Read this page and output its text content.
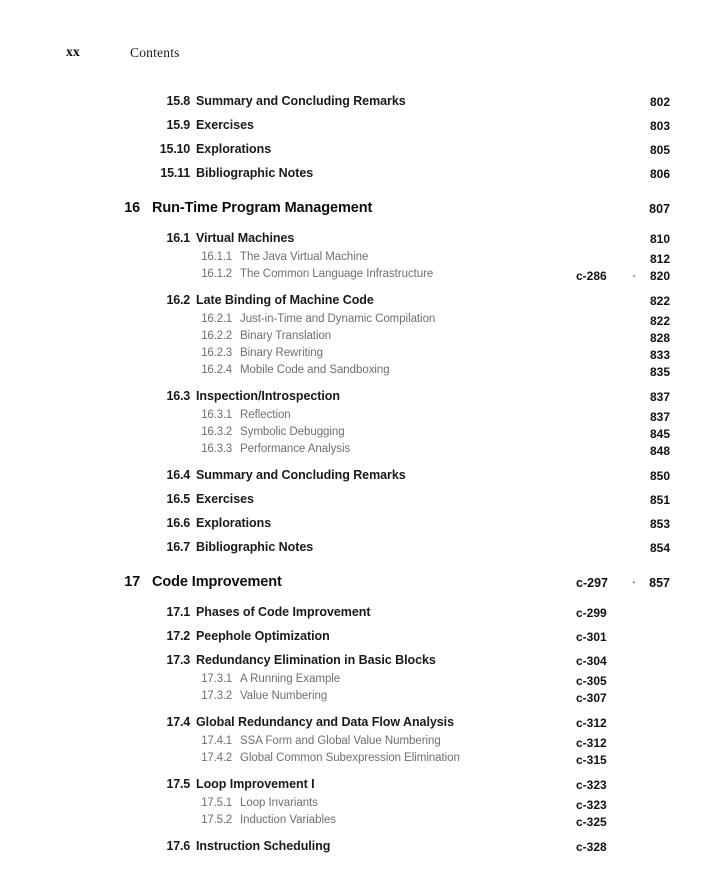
xx	Contents
15.8 Summary and Concluding Remarks	802
15.9 Exercises	803
15.10 Explorations	805
15.11 Bibliographic Notes	806
16 Run-Time Program Management	807
16.1 Virtual Machines	810
16.1.1 The Java Virtual Machine	812
16.1.2 The Common Language Infrastructure	c-286 ·	820
16.2 Late Binding of Machine Code	822
16.2.1 Just-in-Time and Dynamic Compilation	822
16.2.2 Binary Translation	828
16.2.3 Binary Rewriting	833
16.2.4 Mobile Code and Sandboxing	835
16.3 Inspection/Introspection	837
16.3.1 Reflection	837
16.3.2 Symbolic Debugging	845
16.3.3 Performance Analysis	848
16.4 Summary and Concluding Remarks	850
16.5 Exercises	851
16.6 Explorations	853
16.7 Bibliographic Notes	854
17 Code Improvement	c-297 ·	857
17.1 Phases of Code Improvement	c-299
17.2 Peephole Optimization	c-301
17.3 Redundancy Elimination in Basic Blocks	c-304
17.3.1 A Running Example	c-305
17.3.2 Value Numbering	c-307
17.4 Global Redundancy and Data Flow Analysis	c-312
17.4.1 SSA Form and Global Value Numbering	c-312
17.4.2 Global Common Subexpression Elimination	c-315
17.5 Loop Improvement I	c-323
17.5.1 Loop Invariants	c-323
17.5.2 Induction Variables	c-325
17.6 Instruction Scheduling	c-328
